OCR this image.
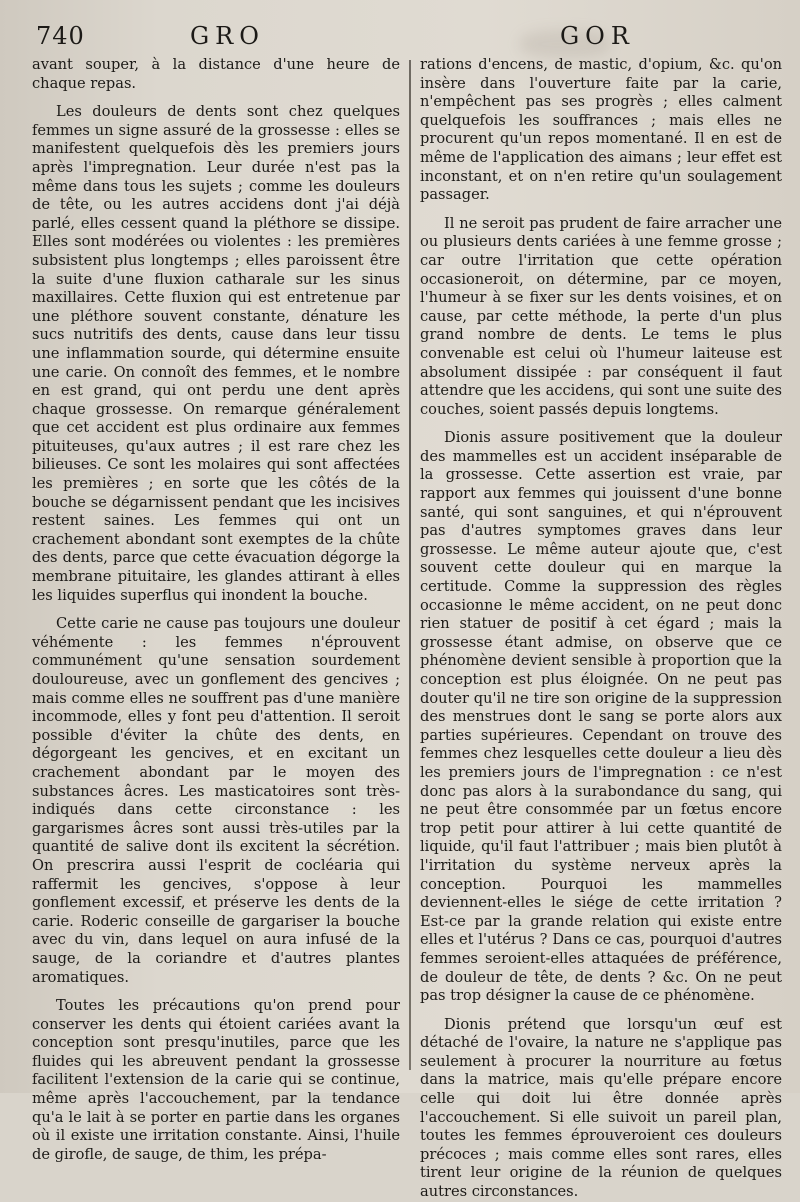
740	GRO	GOR

avant souper, à la distance d'une heure de chaque repas.

Les douleurs de dents sont chez quelques femmes un signe assuré de la grossesse : elles se manifestent quelquefois dès les premiers jours après l'impregnation. Leur durée n'est pas la même dans tous les sujets ; comme les douleurs de tête, ou les autres accidens dont j'ai déjà parlé, elles cessent quand la pléthore se dissipe. Elles sont modérées ou violentes : les premières subsistent plus longtemps ; elles paroissent être la suite d'une fluxion catharale sur les sinus maxillaires. Cette fluxion qui est entretenue par une pléthore souvent constante, dénature les sucs nutritifs des dents, cause dans leur tissu une inflammation sourde, qui détermine ensuite une carie. On connoît des femmes, et le nombre en est grand, qui ont perdu une dent après chaque grossesse. On remarque généralement que cet accident est plus ordinaire aux femmes pituiteuses, qu'aux autres ; il est rare chez les bilieuses. Ce sont les molaires qui sont affectées les premières ; en sorte que les côtés de la bouche se dégarnissent pendant que les incisives restent saines. Les femmes qui ont un crachement abondant sont exemptes de la chûte des dents, parce que cette évacuation dégorge la membrane pituitaire, les glandes attirant à elles les liquides superflus qui inondent la bouche.

Cette carie ne cause pas toujours une douleur véhémente : les femmes n'éprouvent communément qu'une sensation sourdement douloureuse, avec un gonflement des gencives ; mais comme elles ne souffrent pas d'une manière incommode, elles y font peu d'attention. Il seroit possible d'éviter la chûte des dents, en dégorgeant les gencives, et en excitant un crachement abondant par le moyen des substances âcres. Les masticatoires sont très-indiqués dans cette circonstance : les gargarismes âcres sont aussi très-utiles par la quantité de salive dont ils excitent la sécrétion. On prescrira aussi l'esprit de cocléaria qui raffermit les gencives, s'oppose à leur gonflement excessif, et préserve les dents de la carie. Roderic conseille de gargariser la bouche avec du vin, dans lequel on aura infusé de la sauge, de la coriandre et d'autres plantes aromatiques.

Toutes les précautions qu'on prend pour conserver les dents qui étoient cariées avant la conception sont presqu'inutiles, parce que les fluides qui les abreuvent pendant la grossesse facilitent l'extension de la carie qui se continue, même après l'accouchement, par la tendance qu'a le lait à se porter en partie dans les organes où il existe une irritation constante. Ainsi, l'huile de girofle, de sauge, de thim, les prépa-

rations d'encens, de mastic, d'opium, &c. qu'on insère dans l'ouverture faite par la carie, n'empêchent pas ses progrès ; elles calment quelquefois les souffrances ; mais elles ne procurent qu'un repos momentané. Il en est de même de l'application des aimans ; leur effet est inconstant, et on n'en retire qu'un soulagement passager.

Il ne seroit pas prudent de faire arracher une ou plusieurs dents cariées à une femme grosse ; car outre l'irritation que cette opération occasioneroit, on détermine, par ce moyen, l'humeur à se fixer sur les dents voisines, et on cause, par cette méthode, la perte d'un plus grand nombre de dents. Le tems le plus convenable est celui où l'humeur laiteuse est absolument dissipée : par conséquent il faut attendre que les accidens, qui sont une suite des couches, soient passés depuis longtems.

Dionis assure positivement que la douleur des mammelles est un accident inséparable de la grossesse. Cette assertion est vraie, par rapport aux femmes qui jouissent d'une bonne santé, qui sont sanguines, et qui n'éprouvent pas d'autres symptomes graves dans leur grossesse. Le même auteur ajoute que, c'est souvent cette douleur qui en marque la certitude. Comme la suppression des règles occasionne le même accident, on ne peut donc rien statuer de positif à cet égard ; mais la grossesse étant admise, on observe que ce phénomène devient sensible à proportion que la conception est plus éloignée. On ne peut pas douter qu'il ne tire son origine de la suppression des menstrues dont le sang se porte alors aux parties supérieures. Cependant on trouve des femmes chez lesquelles cette douleur a lieu dès les premiers jours de l'impregnation : ce n'est donc pas alors à la surabondance du sang, qui ne peut être consommée par un fœtus encore trop petit pour attirer à lui cette quantité de liquide, qu'il faut l'attribuer ; mais bien plutôt à l'irritation du système nerveux après la conception. Pourquoi les mammelles deviennent-elles le siége de cette irritation ? Est-ce par la grande relation qui existe entre elles et l'utérus ? Dans ce cas, pourquoi d'autres femmes seroient-elles attaquées de préférence, de douleur de tête, de dents ? &c. On ne peut pas trop désigner la cause de ce phénomène.

Dionis prétend que lorsqu'un œuf est détaché de l'ovaire, la nature ne s'applique pas seulement à procurer la nourriture au fœtus dans la matrice, mais qu'elle prépare encore celle qui doit lui être donnée après l'accouchement. Si elle suivoit un pareil plan, toutes les femmes éprouveroient ces douleurs précoces ; mais comme elles sont rares, elles tirent leur origine de la réunion de quelques autres circonstances.
